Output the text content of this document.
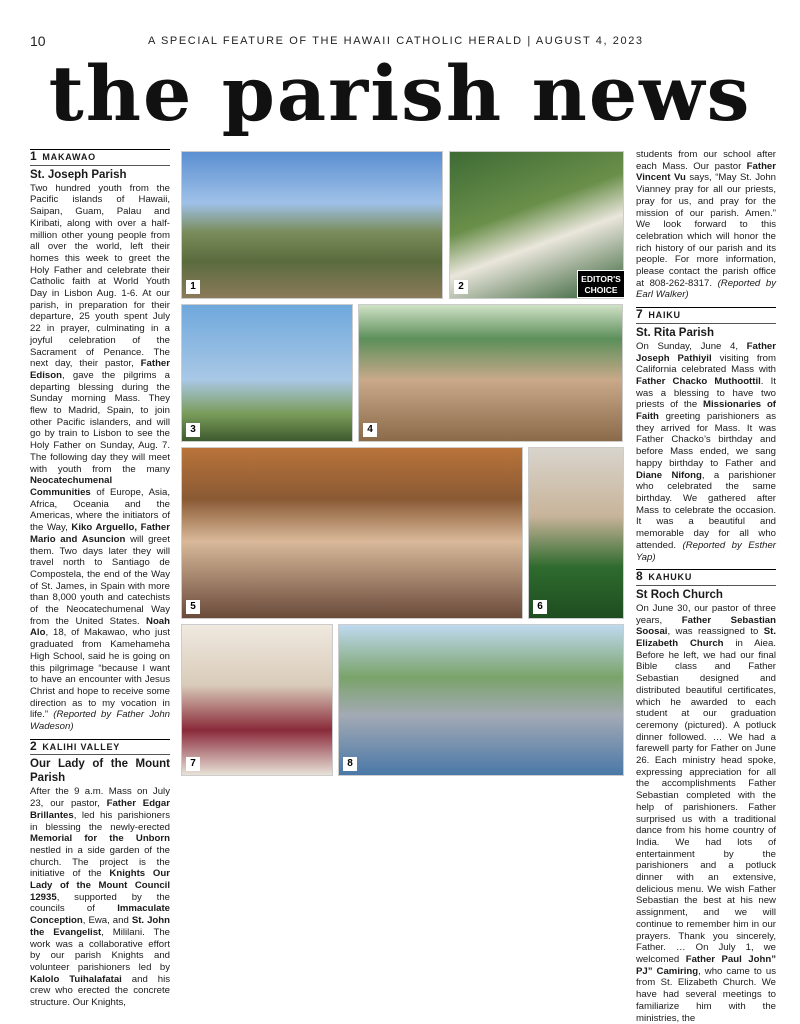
10	A SPECIAL FEATURE OF THE HAWAII CATHOLIC HERALD | AUGUST 4, 2023
the parish news
1 MAKAWAO
St. Joseph Parish

Two hundred youth from the Pacific islands of Hawaii, Saipan, Guam, Palau and Kiribati, along with over a half-million other young people from all over the world, left their homes this week to greet the Holy Father and celebrate their Catholic faith at World Youth Day in Lisbon Aug. 1-6. At our parish, in preparation for their departure, 25 youth spent July 22 in prayer, culminating in a joyful celebration of the Sacrament of Penance. The next day, their pastor, Father Edison, gave the pilgrims a departing blessing during the Sunday morning Mass. They flew to Madrid, Spain, to join other Pacific islanders, and will go by train to Lisbon to see the Holy Father on Sunday, Aug. 7. The following day they will meet with youth from the many Neocatechumenal Communities of Europe, Asia, Africa, Oceania and the Americas, where the initiators of the Way, Kiko Arguello, Father Mario and Asuncion will greet them. Two days later they will travel north to Santiago de Compostela, the end of the Way of St. James, in Spain with more than 8,000 youth and catechists of the Neocatechumenal Way from the United States. Noah Alo, 18, of Makawao, who just graduated from Kamehameha High School, said he is going on this pilgrimage “because I want to have an encounter with Jesus Christ and hope to receive some direction as to my vocation in life.” (Reported by Father John Wadeson)

2 KALIHI VALLEY
Our Lady of the Mount Parish

After the 9 a.m. Mass on July 23, our pastor, Father Edgar Brillantes, led his parishioners in blessing the newly-erected Memorial for the Unborn nestled in a side garden of the church. The project is the initiative of the Knights Our Lady of the Mount Council 12935, supported by the councils of Immaculate Conception, Ewa, and St. John the Evangelist, Mililani. The work was a collaborative effort by our parish Knights and volunteer parishioners led by Kalolo Tuihalafatai and his crew who erected the concrete structure. Our Knights,

1	2
EDITOR'S CHOICE
3	4
5	6
7	8

students from our school after each Mass. Our pastor Father Vincent Vu says, “May St. John Vianney pray for all our priests, pray for us, and pray for the mission of our parish. Amen.” We look forward to this celebration which will honor the rich history of our parish and its people. For more information, please contact the parish office at 808-262-8317. (Reported by Earl Walker)

7 HAIKU
St. Rita Parish

On Sunday, June 4, Father Joseph Pathiyil visiting from California celebrated Mass with Father Chacko Muthoottil. It was a blessing to have two priests of the Missionaries of Faith greeting parishioners as they arrived for Mass. It was Father Chacko’s birthday and before Mass ended, we sang happy birthday to Father and Diane Nifong, a parishioner who celebrated the same birthday. We gathered after Mass to celebrate the occasion. It was a beautiful and memorable day for all who attended. (Reported by Esther Yap)

8 KAHUKU
St Roch Church

On June 30, our pastor of three years, Father Sebastian Soosai, was reassigned to St. Elizabeth Church in Aiea. Before he left, we had our final Bible class and Father Sebastian designed and distributed beautiful certificates, which he awarded to each student at our graduation ceremony (pictured). A potluck dinner followed. … We had a farewell party for Father on June 26. Each ministry head spoke, expressing appreciation for all the accomplishments Father Sebastian completed with the help of parishioners. Father surprised us with a traditional dance from his home country of India. We had lots of entertainment by the parishioners and a potluck dinner with an extensive, delicious menu. We wish Father Sebastian the best at his new assignment, and we will continue to remember him in our prayers. Thank you sincerely, Father. … On July 1, we welcomed Father Paul John” PJ” Camiring, who came to us from St. Elizabeth Church. We have had several meetings to familiarize him with the ministries, the
